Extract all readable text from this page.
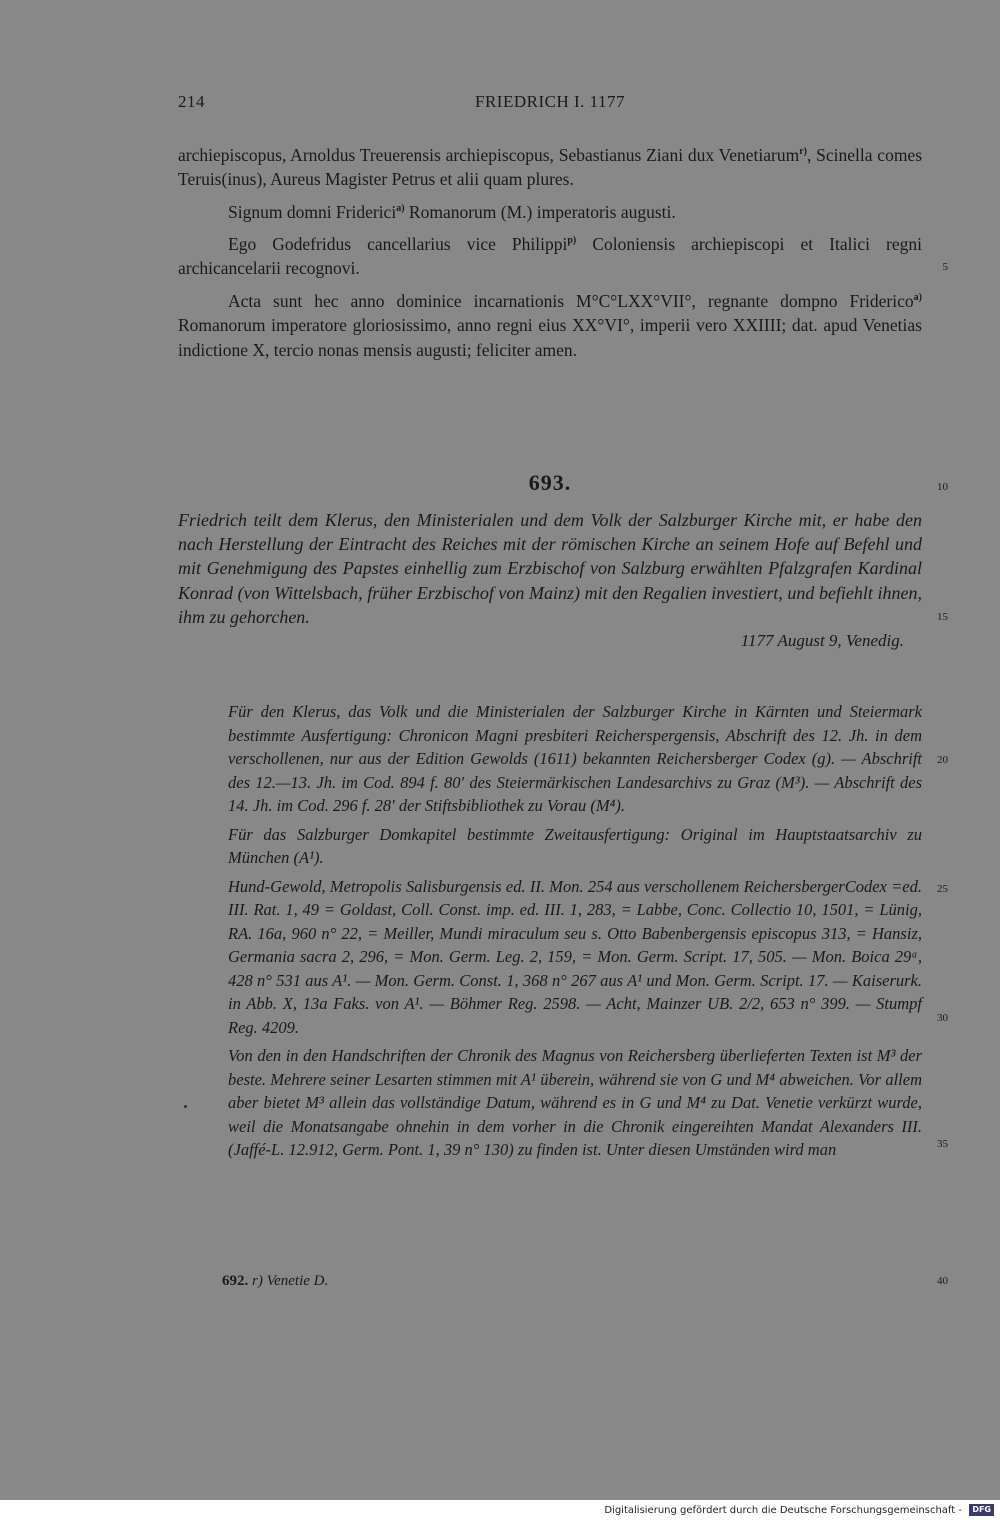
214	FRIEDRICH I. 1177

archiepiscopus, Arnoldus Treuerensis archiepiscopus, Sebastianus Ziani dux Venetiarum$^{r)}$, Scinella comes Teruis(inus), Aureus Magister Petrus et alii quam plures.

Signum domni Friderici$^{a)}$ Romanorum (M.) imperatoris augusti.

Ego Godefridus cancellarius vice Philippi$^{p)}$ Coloniensis archiepiscopi et Italici regni archicancelarii recognovi.

Acta sunt hec anno dominice incarnationis M°C°LXX°VII°, regnante dompno Friderico$^{a)}$ Romanorum imperatore gloriosissimo, anno regni eius XX°VI°, imperii vero XXIIII; dat. apud Venetias indictione X, tercio nonas mensis augusti; feliciter amen.

693.

Friedrich teilt dem Klerus, den Ministerialen und dem Volk der Salzburger Kirche mit, er habe den nach Herstellung der Eintracht des Reiches mit der römischen Kirche an seinem Hofe auf Befehl und mit Genehmigung des Papstes einhellig zum Erzbischof von Salzburg erwählten Pfalzgrafen Kardinal Konrad (von Wittelsbach, früher Erzbischof von Mainz) mit den Regalien investiert, und befiehlt ihnen, ihm zu gehorchen.

1177 August 9, Venedig.

Für den Klerus, das Volk und die Ministerialen der Salzburger Kirche in Kärnten und Steiermark bestimmte Ausfertigung: Chronicon Magni presbiteri Reicherspergensis, Abschrift des 12. Jh. in dem verschollenen, nur aus der Edition Gewolds (1611) bekannten Reichersberger Codex (g). — Abschrift des 12.—13. Jh. im Cod. 894 f. 80' des Steiermärkischen Landesarchivs zu Graz (M³). — Abschrift des 14. Jh. im Cod. 296 f. 28' der Stiftsbibliothek zu Vorau (M⁴).

Für das Salzburger Domkapitel bestimmte Zweitausfertigung: Original im Hauptstaatsarchiv zu München (A¹).

Hund-Gewold, Metropolis Salisburgensis ed. II. Mon. 254 aus verschollenem ReichersbergerCodex =ed. III. Rat. 1, 49 = Goldast, Coll. Const. imp. ed. III. 1, 283, = Labbe, Conc. Collectio 10, 1501, = Lünig, RA. 16a, 960 n° 22, = Meiller, Mundi miraculum seu s. Otto Babenbergensis episcopus 313, = Hansiz, Germania sacra 2, 296, = Mon. Germ. Leg. 2, 159, = Mon. Germ. Script. 17, 505. — Mon. Boica 29ᵃ, 428 n° 531 aus A¹. — Mon. Germ. Const. 1, 368 n° 267 aus A¹ und Mon. Germ. Script. 17. — Kaiserurk. in Abb. X, 13a Faks. von A¹. — Böhmer Reg. 2598. — Acht, Mainzer UB. 2/2, 653 n° 399. — Stumpf Reg. 4209.

Von den in den Handschriften der Chronik des Magnus von Reichersberg überlieferten Texten ist M³ der beste. Mehrere seiner Lesarten stimmen mit A¹ überein, während sie von G und M⁴ abweichen. Vor allem aber bietet M³ allein das vollständige Datum, während es in G und M⁴ zu Dat. Venetie verkürzt wurde, weil die Monatsangabe ohnehin in dem vorher in die Chronik eingereihten Mandat Alexanders III. (Jaffé-L. 12.912, Germ. Pont. 1, 39 n° 130) zu finden ist. Unter diesen Umständen wird man

5
10
15
20
25
30
35
40
692. r) Venetie D.
Digitalisierung gefördert durch die Deutsche Forschungsgemeinschaft -	DFG
